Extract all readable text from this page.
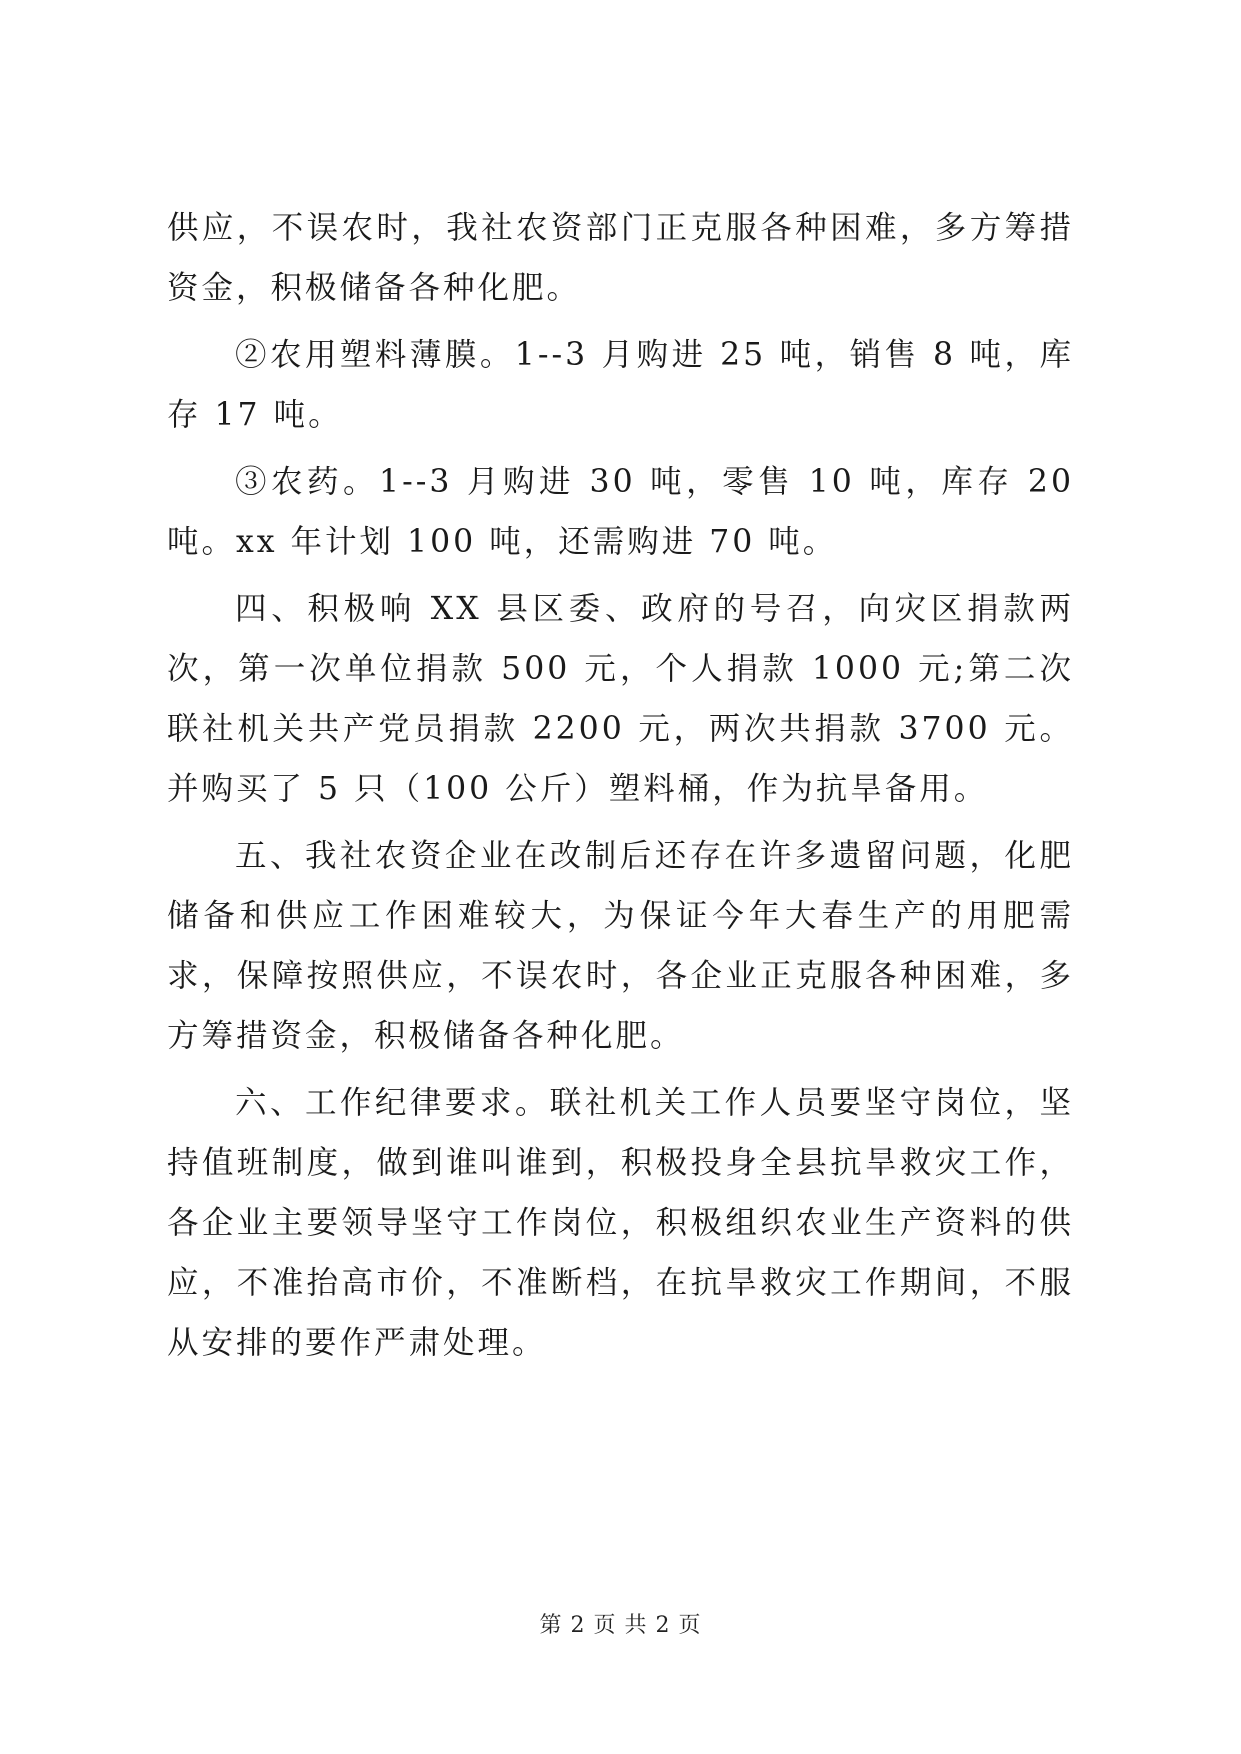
供应，不误农时，我社农资部门正克服各种困难，多方筹措资金，积极储备各种化肥。

②农用塑料薄膜。1--3 月购进 25 吨，销售 8 吨，库存 17 吨。

③农药。1--3 月购进 30 吨，零售 10 吨，库存 20 吨。xx 年计划 100 吨，还需购进 70 吨。

四、积极响 XX 县区委、政府的号召，向灾区捐款两次，第一次单位捐款 500 元，个人捐款 1000 元;第二次联社机关共产党员捐款 2200 元，两次共捐款 3700 元。并购买了 5 只（100 公斤）塑料桶，作为抗旱备用。

五、我社农资企业在改制后还存在许多遗留问题，化肥储备和供应工作困难较大，为保证今年大春生产的用肥需求，保障按照供应，不误农时，各企业正克服各种困难，多方筹措资金，积极储备各种化肥。

六、工作纪律要求。联社机关工作人员要坚守岗位，坚持值班制度，做到谁叫谁到，积极投身全县抗旱救灾工作，各企业主要领导坚守工作岗位，积极组织农业生产资料的供应，不准抬高市价，不准断档，在抗旱救灾工作期间，不服从安排的要作严肃处理。

第 2 页 共 2 页
